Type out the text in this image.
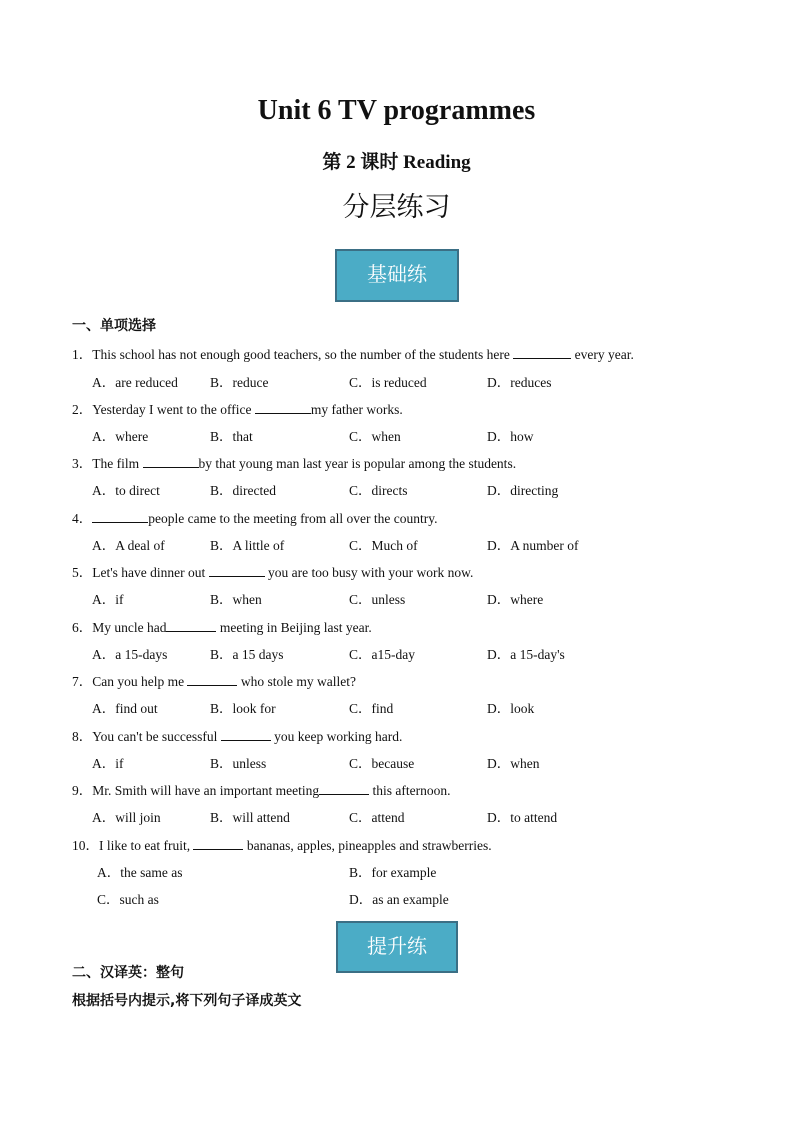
Unit 6 TV programmes
第 2 课时 Reading
分层练习
基础练
一、单项选择
1．This school has not enough good teachers, so the number of the students here	every year.
A．are reduced B．reduce	C．is reduced	D．reduces
2．Yesterday I went to the office	my father works.
A．where	B．that	C．when	D．how
3．The film	by that young man last year is popular among the students.
A．to direct	B．directed	C．directs	D．directing
4．	people came to the meeting from all over the country.
A．A deal of	B．A little of	C．Much of	D．A number of
5．Let's have dinner out	you are too busy with your work now.
A．if	B．when	C．unless	D．where
6．My uncle had	meeting in Beijing last year.
A．a 15-days	B．a 15 days	C．a15-day	D．a 15-day's
7．Can you help me	who stole my wallet?
A．find out	B．look for	C．find	D．look
8．You can't be successful	you keep working hard.
A．if	B．unless	C．because	D．when
9．Mr. Smith will have an important meeting	this afternoon.
A．will join	B．will attend	C．attend	D．to attend
10．I like to eat fruit,	bananas, apples, pineapples and strawberries.
A．the same as	B．for example
C．such as	D．as an example
提升练
二、汉译英：整句
根据括号内提示,将下列句子译成英文
